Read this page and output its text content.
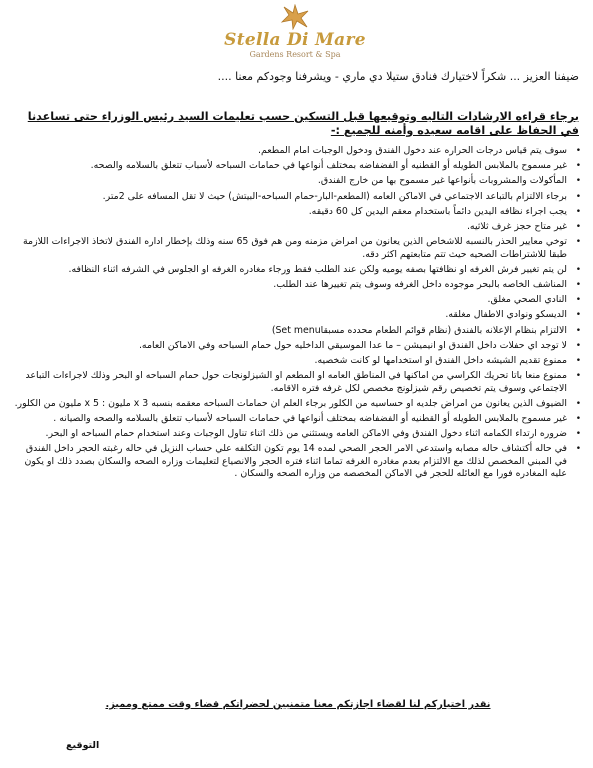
Stella Di Mare
Gardens Resort & Spa
ضيفنا العزيز ... شكراً لاختيارك فنادق ستيلا دي ماري - ويشرفنا وجودكم معنا ....
برجاء قراءه الارشادات التاليه وتوقيعها قبل التسكين حسب تعليمات السيد رئيس الوزراء حتى تساعدنا في الحفاظ على اقامه سعيده وأمنه للجميع :-
•
سوف يتم قياس درجات الحراره عند دخول الفندق ودخول الوجبات امام المطعم.
•
غير مسموح بالملابس الطويله أو القطنيه أو الفضفاضه بمختلف أنواعها في حمامات السباحه لأسباب تتعلق بالسلامه والصحه.
•
المأكولات والمشروبات بأنواعها غير مسموح بها من خارج الفندق.
•
برجاء الالتزام بالتباعد الاجتماعي في الاماكن العامه (المطعم-البار-حمام السباحه-البيتش) حيث لا تقل المسافه على 2متر.
•
يجب اجراء نظافه اليدين دائماً باستخدام معقم اليدين كل 60 دقيقه.
•
غير متاح حجز غرف ثلاثيه.
•
توخي معايير الحذر بالنسبه للاشخاص الذين يعانون من امراض مزمنه ومن هم فوق 65 سنه وذلك بإخطار اداره الفندق لاتخاذ الاجراءات اللازمة طبقا للاشتراطات الصحيه حيث تتم متابعتهم اكثر دقه.
•
لن يتم تغيير فرش الغرفه او نظافتها بصفه يوميه ولكن عند الطلب فقط ورجاء مغادره الغرفه او الجلوس في الشرفه اثناء النظافه.
•
المناشف الخاصه بالبحر موجوده داخل الغرفه وسوف يتم تغييرها عند الطلب.
•
النادي الصحي مغلق.
•
الديسكو ونوادي الاطفال مغلقه.
•
الالتزام بنظام الإعلانه بالفندق (نظام قوائم الطعام محدده مسبقاSet menu)
•
لا توجد اي حفلات داخل الفندق او انيميشن – ما عدا الموسيقي الداخليه حول حمام السباحه وفي الاماكن العامه.
•
ممنوع تقديم الشيشه داخل الفندق او استخدامها لو كانت شخصيه.
•
ممنوع منعا باتا تحريك الكراسي من اماكنها في المناطق العامه او المطعم او الشيزلونجات حول حمام السباحه او البحر وذلك لاجراءات التباعد الاجتماعي وسوف يتم تخصيص رقم شيزلونج مخصص لكل غرفه فتره الاقامه.
•
الضيوف الذين يعانون من امراض جلديه او حساسيه من الكلور برجاء العلم ان حمامات السباحه معقمه بنسبه 3 x مليون : 5 x مليون من الكلور.
•
غير مسموح بالملابس الطويله أو القطنيه أو الفضفاضه بمختلف أنواعها في حمامات السباحه لأسباب تتعلق بالسلامه والصحه والصيانه .
•
ضروره ارتداء الكمامه اثناء دخول الفندق وفي الاماكن العامه ويستثني من ذلك اثناء تناول الوجبات وعند استخدام حمام السباحه او البحر.
•
في حاله أكتشاف حاله مصابه واستدعي الامر الحجر الصحي لمده 14 يوم تكون التكلفه علي حساب النزيل في حاله رغبته الحجر داخل الفندق في المبني المخصص لذلك مع الالتزام بعدم مغادره الغرفه تماما اثناء فتره الحجر والانصياع لتعليمات وزاره الصحه والسكان بصدد ذلك او يكون عليه المغادره فورا مع العائله للحجر في الاماكن المخصصه من وزاره الصحه والسكان .
نقدر اختياركم لنا لقضاء اجازتكم معنا متمنيين لحضراتكم قضاء وقت ممتع ومميز.
التوقيع
